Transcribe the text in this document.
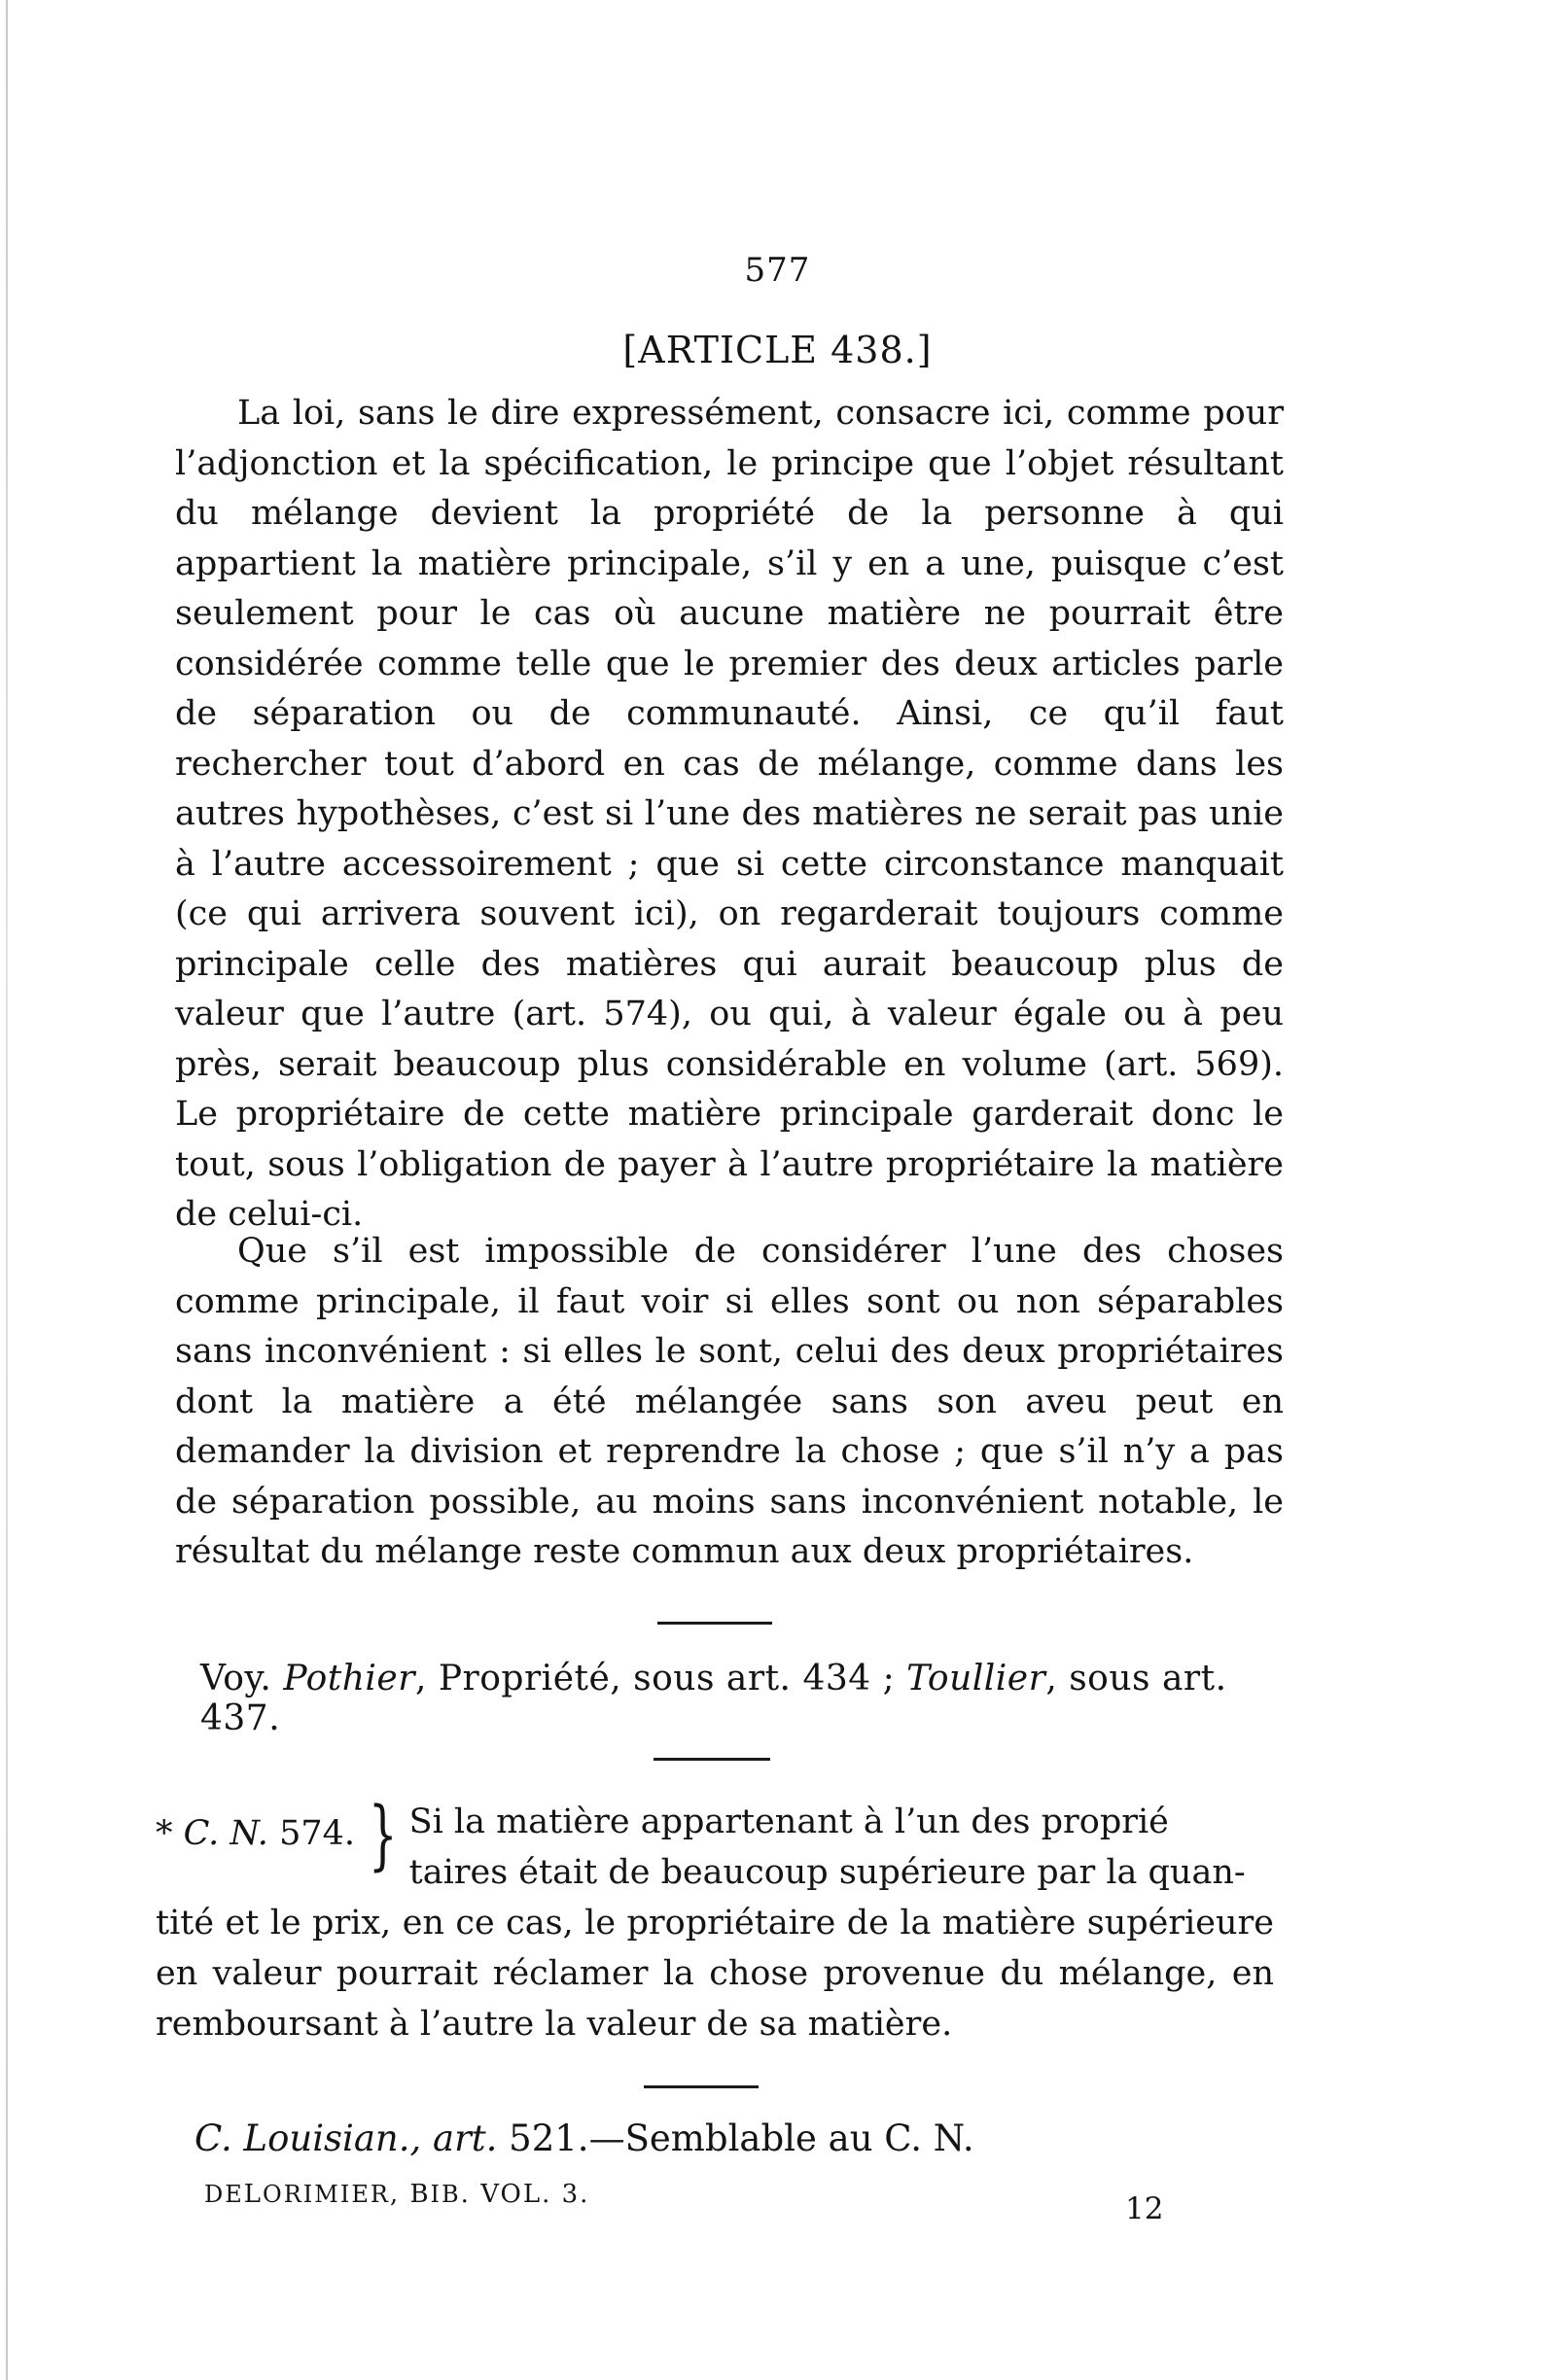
577
[ARTICLE 438.]

La loi, sans le dire expressément, consacre ici, comme pour l’adjonction et la spécification, le principe que l’objet résultant du mélange devient la propriété de la personne à qui appartient la matière principale, s’il y en a une, puisque c’est seulement pour le cas où aucune matière ne pourrait être considérée comme telle que le premier des deux articles parle de séparation ou de communauté. Ainsi, ce qu’il faut rechercher tout d’abord en cas de mélange, comme dans les autres hypothèses, c’est si l’une des matières ne serait pas unie à l’autre accessoirement ; que si cette circonstance manquait (ce qui arrivera souvent ici), on regarderait toujours comme principale celle des matières qui aurait beaucoup plus de valeur que l’autre (art. 574), ou qui, à valeur égale ou à peu près, serait beaucoup plus considérable en volume (art. 569). Le propriétaire de cette matière principale garderait donc le tout, sous l’obligation de payer à l’autre propriétaire la matière de celui-ci.

Que s’il est impossible de considérer l’une des choses comme principale, il faut voir si elles sont ou non séparables sans inconvénient : si elles le sont, celui des deux propriétaires dont la matière a été mélangée sans son aveu peut en demander la division et reprendre la chose ; que s’il n’y a pas de séparation possible, au moins sans inconvénient notable, le résultat du mélange reste commun aux deux propriétaires.

Voy. Pothier, Propriété, sous art. 434 ; Toullier, sous art. 437.
* C. N. 574. } Si la matière appartenant à l’un des proprié
taires était de beaucoup supérieure par la quan-
tité et le prix, en ce cas, le propriétaire de la matière supérieure en valeur pourrait réclamer la chose provenue du mélange, en remboursant à l’autre la valeur de sa matière.
C. Louisian., art. 521.—Semblable au C. N.
DELORIMIER, BIB. VOL. 3.	12
